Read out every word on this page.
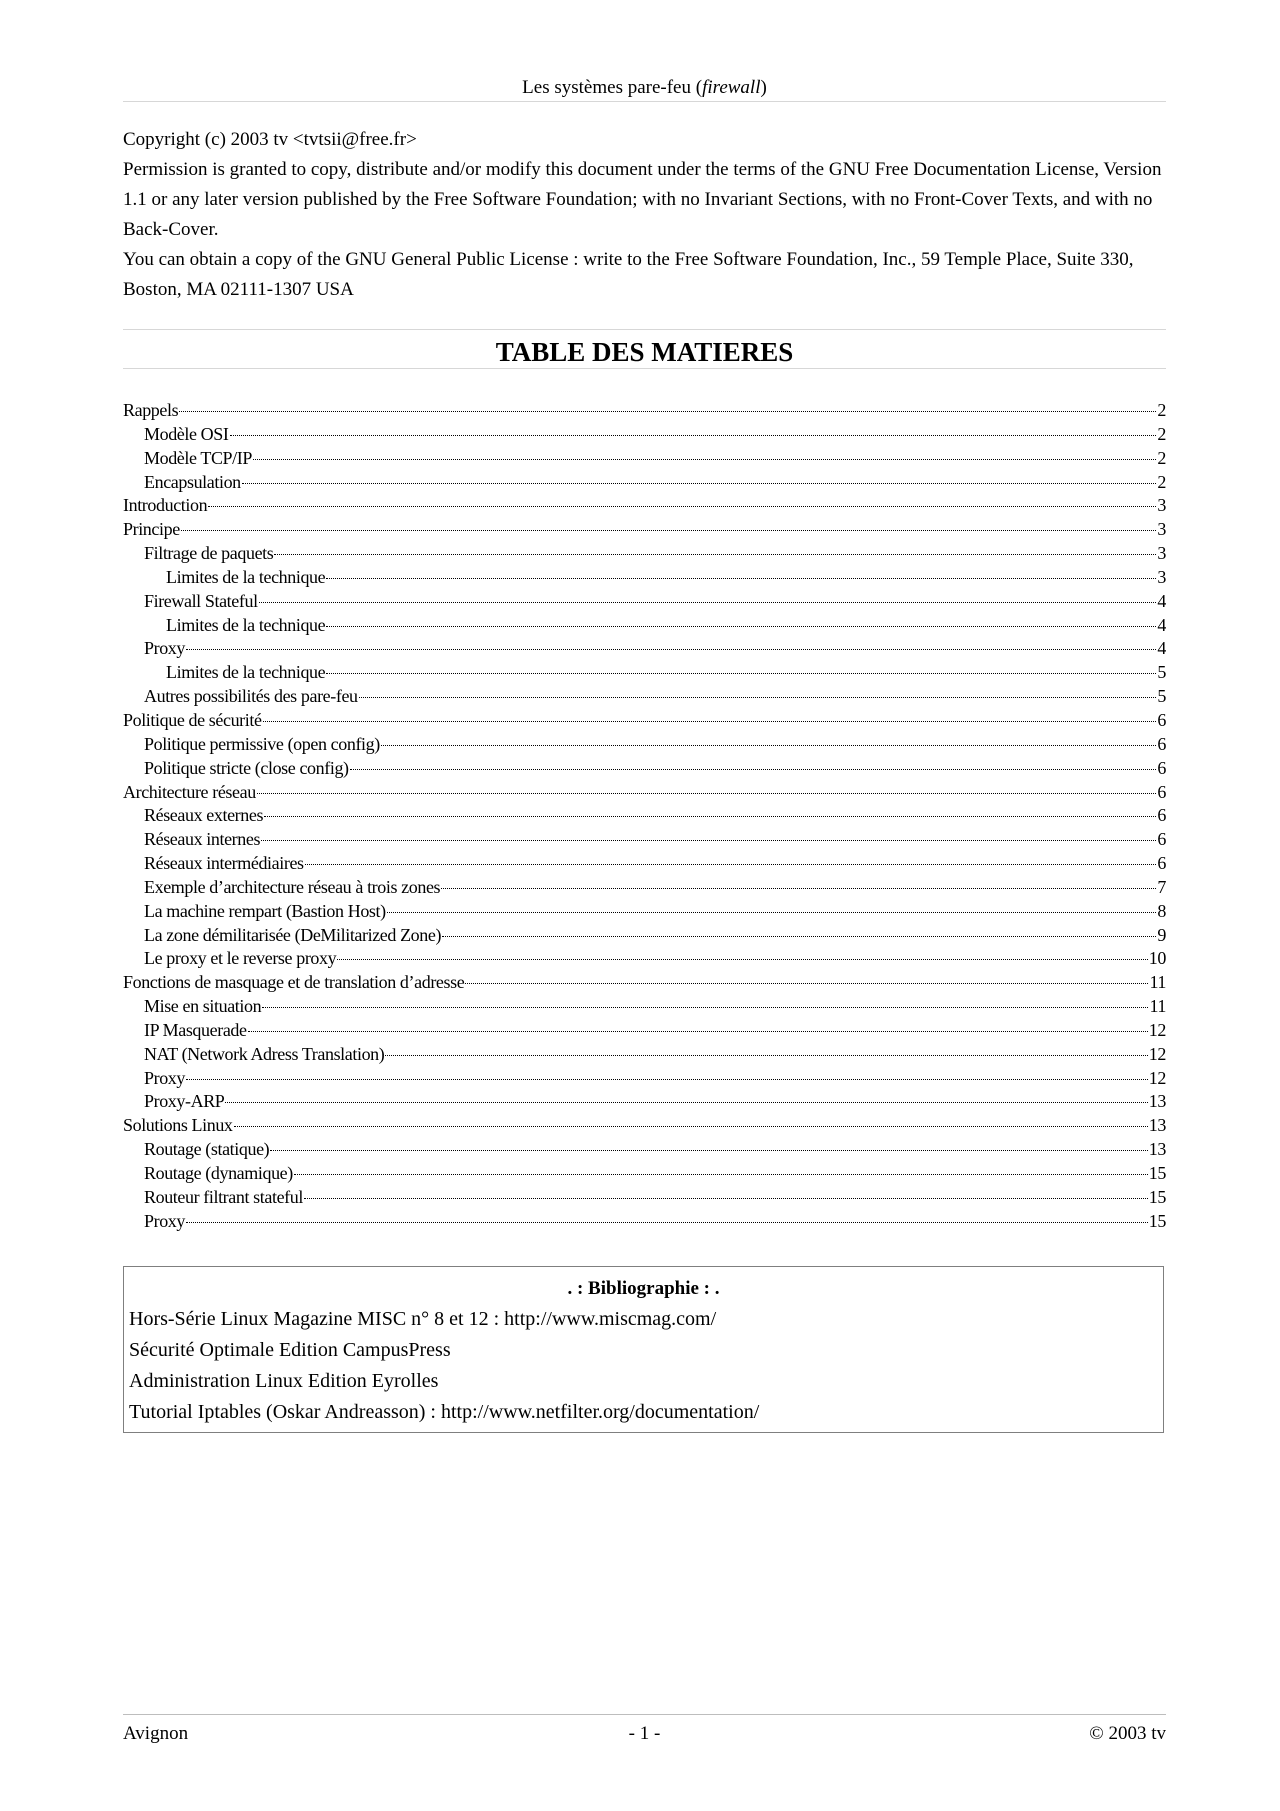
Les systèmes pare-feu (firewall)

Copyright (c) 2003 tv <tvtsii@free.fr>

Permission is granted to copy, distribute and/or modify this document under the terms of the GNU Free Documentation License, Version 1.1 or any later version published by the Free Software Foundation; with no Invariant Sections, with no Front-Cover Texts, and with no Back-Cover.

You can obtain a copy of the GNU General Public License : write to the Free Software Foundation, Inc., 59 Temple Place, Suite 330, Boston, MA 02111-1307 USA

TABLE DES MATIERES
Rappels	2
Modèle OSI	2
Modèle TCP/IP	2
Encapsulation	2
Introduction	3
Principe	3
Filtrage de paquets	3
Limites de la technique	3
Firewall Stateful	4
Limites de la technique	4
Proxy	4
Limites de la technique	5
Autres possibilités des pare-feu	5
Politique de sécurité	6
Politique permissive (open config)	6
Politique stricte (close config)	6
Architecture réseau	6
Réseaux externes	6
Réseaux internes	6
Réseaux intermédiaires	6
Exemple d’architecture réseau à trois zones	7
La machine rempart (Bastion Host)	8
La zone démilitarisée (DeMilitarized Zone)	9
Le proxy et le reverse proxy	10
Fonctions de masquage et de translation d’adresse	11
Mise en situation	11
IP Masquerade	12
NAT (Network Adress Translation)	12
Proxy	12
Proxy-ARP	13
Solutions Linux	13
Routage (statique)	13
Routage (dynamique)	15
Routeur filtrant stateful	15
Proxy	15
. : Bibliographie : .
Hors-Série Linux Magazine MISC n° 8 et 12 : http://www.miscmag.com/
Sécurité Optimale Edition CampusPress
Administration Linux Edition Eyrolles
Tutorial Iptables (Oskar Andreasson) : http://www.netfilter.org/documentation/
Avignon	- 1 -	© 2003 tv
